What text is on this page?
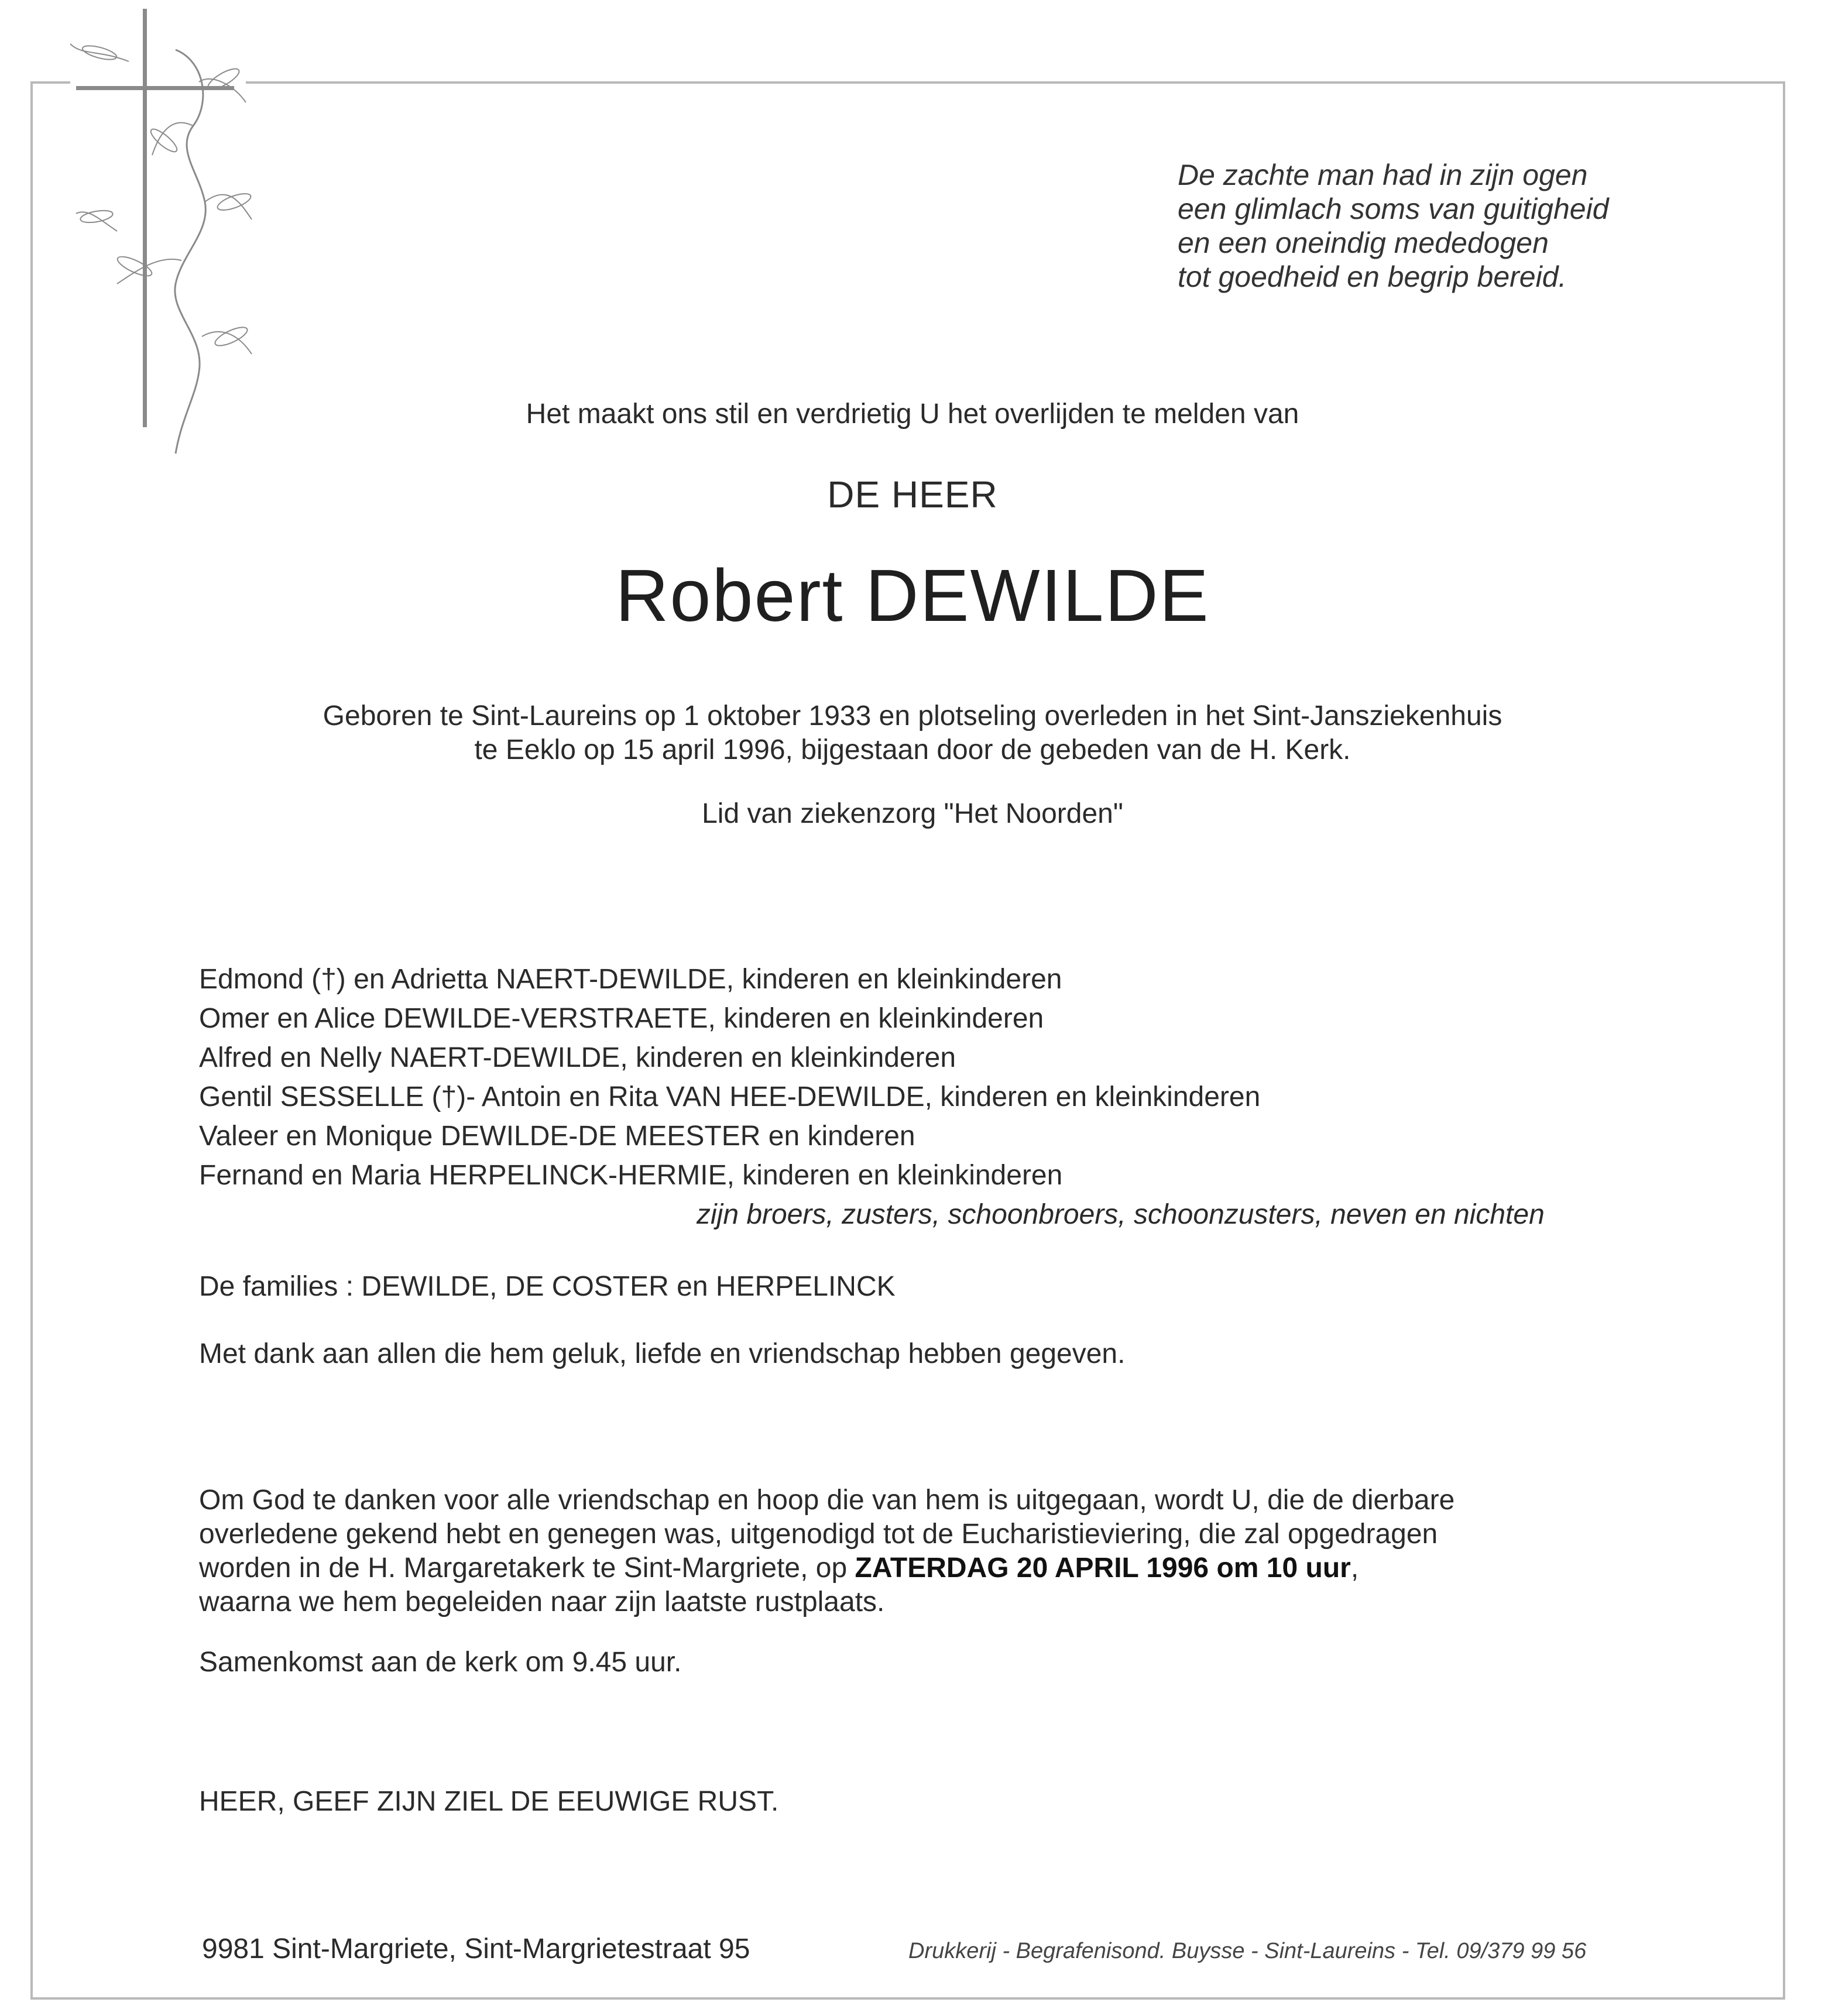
De zachte man had in zijn ogen
een glimlach soms van guitigheid
en een oneindig mededogen
tot goedheid en begrip bereid.
Het maakt ons stil en verdrietig U het overlijden te melden van
DE HEER
Robert DEWILDE
Geboren te Sint-Laureins op 1 oktober 1933 en plotseling overleden in het Sint-Jansziekenhuis
te Eeklo op 15 april 1996, bijgestaan door de gebeden van de H. Kerk.
Lid van ziekenzorg "Het Noorden"
Edmond (†) en Adrietta NAERT-DEWILDE, kinderen en kleinkinderen
Omer en Alice DEWILDE-VERSTRAETE, kinderen en kleinkinderen
Alfred en Nelly NAERT-DEWILDE, kinderen en kleinkinderen
Gentil SESSELLE (†)- Antoin en Rita VAN HEE-DEWILDE, kinderen en kleinkinderen
Valeer en Monique DEWILDE-DE MEESTER en kinderen
Fernand en Maria HERPELINCK-HERMIE, kinderen en kleinkinderen
zijn broers, zusters, schoonbroers, schoonzusters, neven en nichten
De families : DEWILDE, DE COSTER en HERPELINCK
Met dank aan allen die hem geluk, liefde en vriendschap hebben gegeven.
Om God te danken voor alle vriendschap en hoop die van hem is uitgegaan, wordt U, die de dierbare
overledene gekend hebt en genegen was, uitgenodigd tot de Eucharistieviering, die zal opgedragen
worden in de H. Margaretakerk te Sint-Margriete, op ZATERDAG 20 APRIL 1996 om 10 uur,
waarna we hem begeleiden naar zijn laatste rustplaats.
Samenkomst aan de kerk om 9.45 uur.
HEER, GEEF ZIJN ZIEL DE EEUWIGE RUST.
9981 Sint-Margriete, Sint-Margrietestraat 95	Drukkerij - Begrafenisond. Buysse - Sint-Laureins - Tel. 09/379 99 56
